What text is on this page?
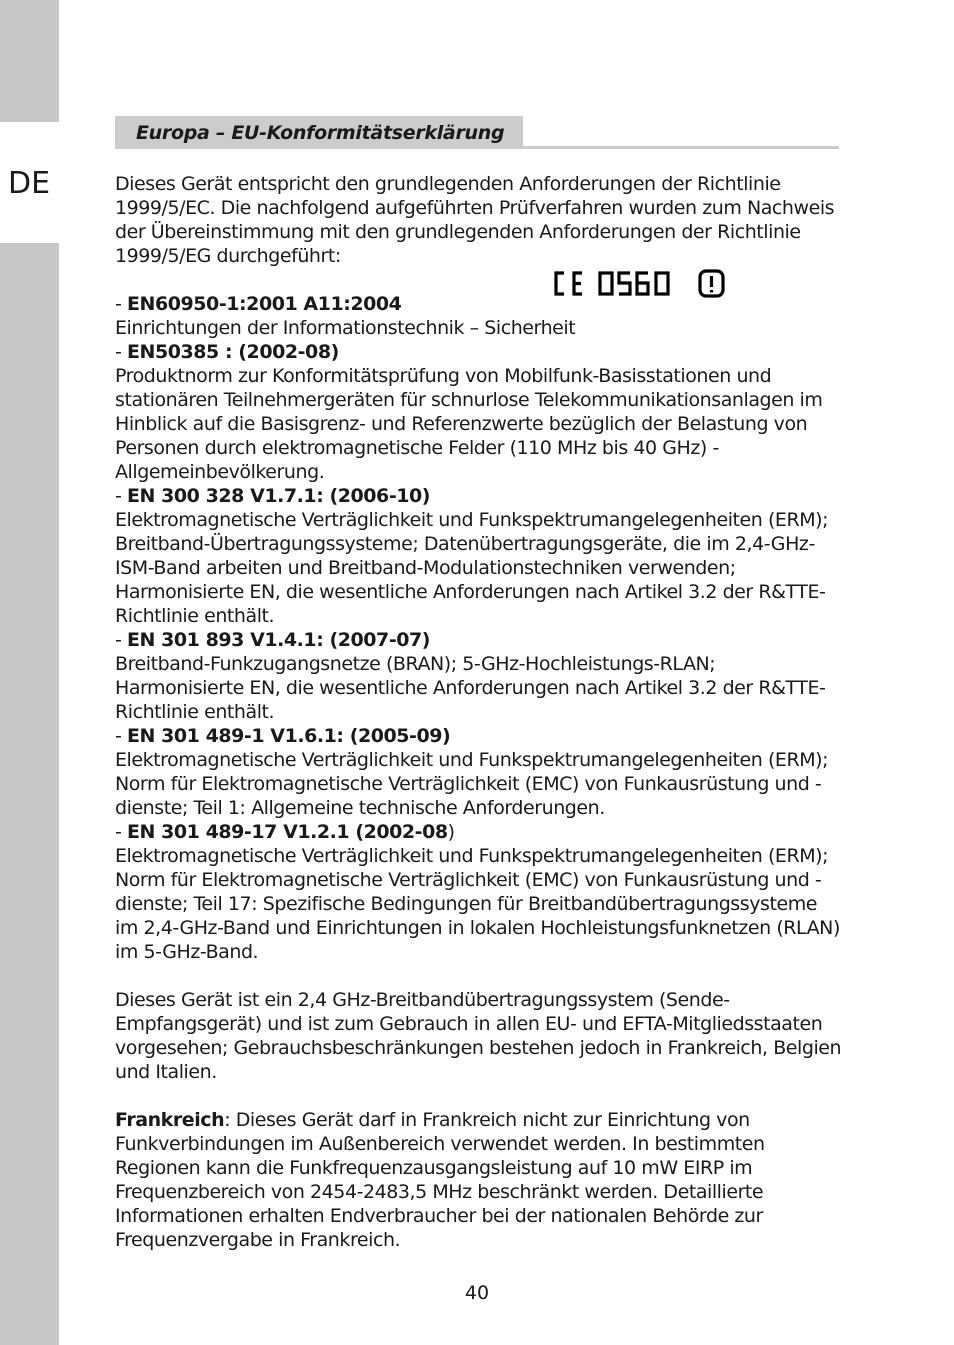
DE
Europa – EU-Konformitätserklärung

Dieses Gerät entspricht den grundlegenden Anforderungen der Richtlinie 1999/5/EC. Die nachfolgend aufgeführten Prüfverfahren wurden zum Nachweis der Übereinstimmung mit den grundlegenden Anforderungen der Richtlinie 1999/5/EG durchgeführt:

- EN60950-1:2001 A11:2004

Einrichtungen der Informationstechnik – Sicherheit

- EN50385 : (2002-08)

Produktnorm zur Konformitätsprüfung von Mobilfunk-Basisstationen und stationären Teilnehmergeräten für schnurlose Telekommunikationsanlagen im Hinblick auf die Basisgrenz- und Referenzwerte bezüglich der Belastung von Personen durch elektromagnetische Felder (110 MHz bis 40 GHz) - Allgemeinbevölkerung.

- EN 300 328 V1.7.1: (2006-10)

Elektromagnetische Verträglichkeit und Funkspektrumangelegenheiten (ERM); Breitband-Übertragungssysteme; Datenübertragungsgeräte, die im 2,4-GHz-ISM-Band arbeiten und Breitband-Modulationstechniken verwenden; Harmonisierte EN, die wesentliche Anforderungen nach Artikel 3.2 der R&TTE-Richtlinie enthält.

- EN 301 893 V1.4.1: (2007-07)

Breitband-Funkzugangsnetze (BRAN); 5-GHz-Hochleistungs-RLAN; Harmonisierte EN, die wesentliche Anforderungen nach Artikel 3.2 der R&TTE-Richtlinie enthält.

- EN 301 489-1 V1.6.1: (2005-09)

Elektromagnetische Verträglichkeit und Funkspektrumangelegenheiten (ERM); Norm für Elektromagnetische Verträglichkeit (EMC) von Funkausrüstung und -dienste; Teil 1: Allgemeine technische Anforderungen.

- EN 301 489-17 V1.2.1 (2002-08)

Elektromagnetische Verträglichkeit und Funkspektrumangelegenheiten (ERM); Norm für Elektromagnetische Verträglichkeit (EMC) von Funkausrüstung und -dienste; Teil 17: Spezifische Bedingungen für Breitbandübertragungssysteme im 2,4-GHz-Band und Einrichtungen in lokalen Hochleistungsfunknetzen (RLAN) im 5-GHz-Band.

Dieses Gerät ist ein 2,4 GHz-Breitbandübertragungssystem (Sende-Empfangsgerät) und ist zum Gebrauch in allen EU- und EFTA-Mitgliedsstaaten vorgesehen; Gebrauchsbeschränkungen bestehen jedoch in Frankreich, Belgien und Italien.

Frankreich: Dieses Gerät darf in Frankreich nicht zur Einrichtung von Funkverbindungen im Außenbereich verwendet werden. In bestimmten Regionen kann die Funkfrequenzausgangsleistung auf 10 mW EIRP im Frequenzbereich von 2454-2483,5 MHz beschränkt werden. Detaillierte Informationen erhalten Endverbraucher bei der nationalen Behörde zur Frequenzvergabe in Frankreich.

40
